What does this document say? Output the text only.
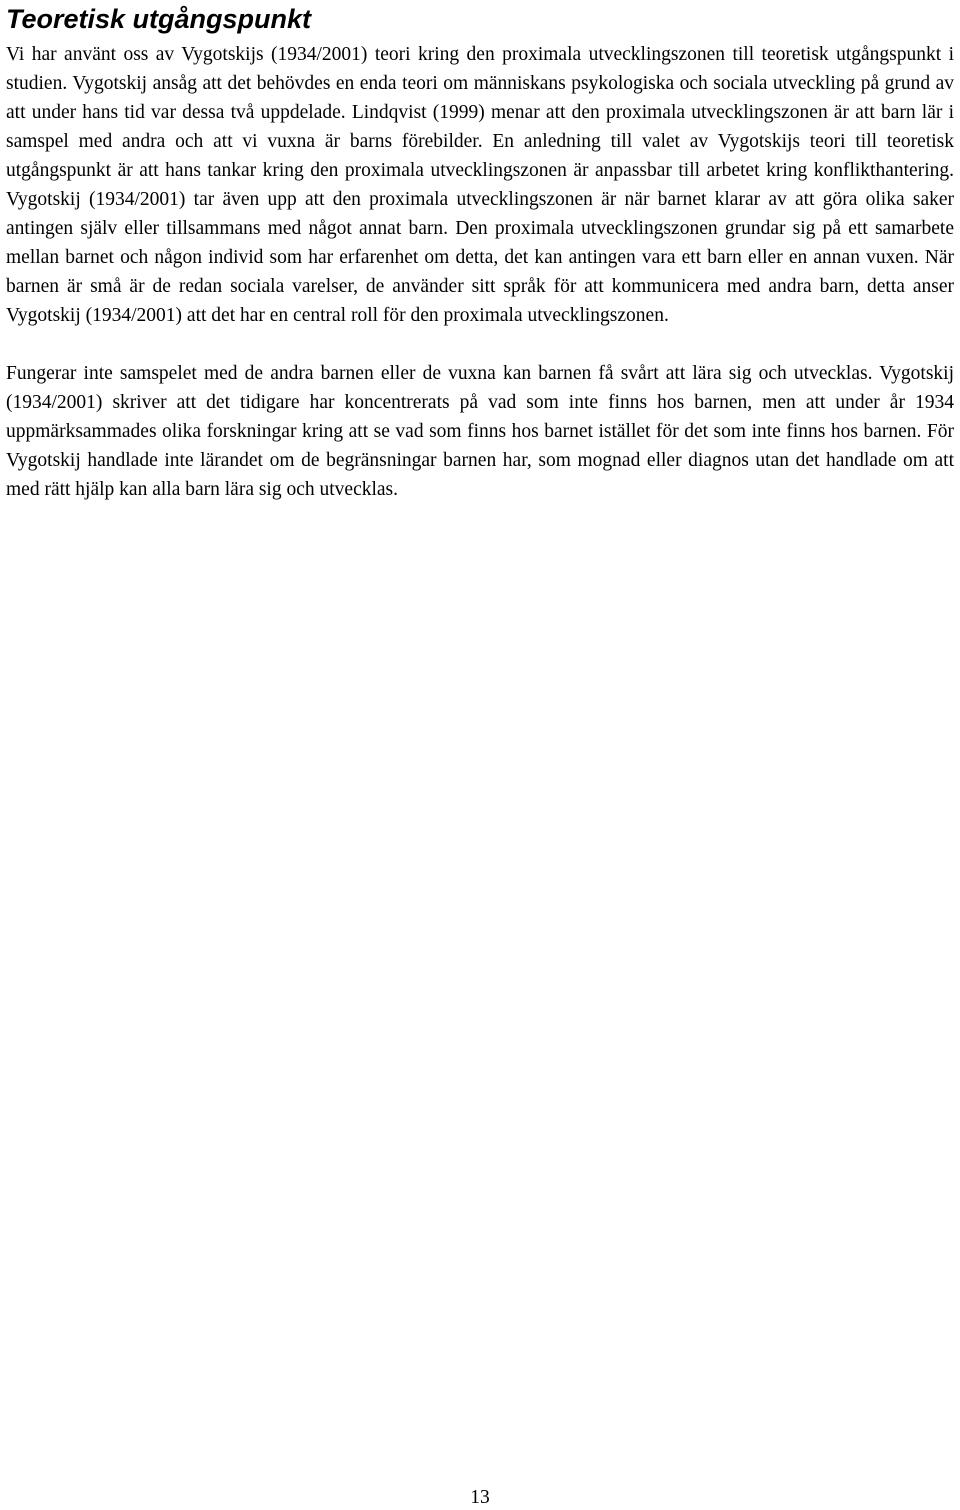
Teoretisk utgångspunkt

Vi har använt oss av Vygotskijs (1934/2001) teori kring den proximala utvecklingszonen till teoretisk utgångspunkt i studien. Vygotskij ansåg att det behövdes en enda teori om människans psykologiska och sociala utveckling på grund av att under hans tid var dessa två uppdelade. Lindqvist (1999) menar att den proximala utvecklingszonen är att barn lär i samspel med andra och att vi vuxna är barns förebilder. En anledning till valet av Vygotskijs teori till teoretisk utgångspunkt är att hans tankar kring den proximala utvecklingszonen är anpassbar till arbetet kring konflikthantering. Vygotskij (1934/2001) tar även upp att den proximala utvecklingszonen är när barnet klarar av att göra olika saker antingen själv eller tillsammans med något annat barn. Den proximala utvecklingszonen grundar sig på ett samarbete mellan barnet och någon individ som har erfarenhet om detta, det kan antingen vara ett barn eller en annan vuxen. När barnen är små är de redan sociala varelser, de använder sitt språk för att kommunicera med andra barn, detta anser Vygotskij (1934/2001) att det har en central roll för den proximala utvecklingszonen.

Fungerar inte samspelet med de andra barnen eller de vuxna kan barnen få svårt att lära sig och utvecklas. Vygotskij (1934/2001) skriver att det tidigare har koncentrerats på vad som inte finns hos barnen, men att under år 1934 uppmärksammades olika forskningar kring att se vad som finns hos barnet istället för det som inte finns hos barnen. För Vygotskij handlade inte lärandet om de begränsningar barnen har, som mognad eller diagnos utan det handlade om att med rätt hjälp kan alla barn lära sig och utvecklas.

13
